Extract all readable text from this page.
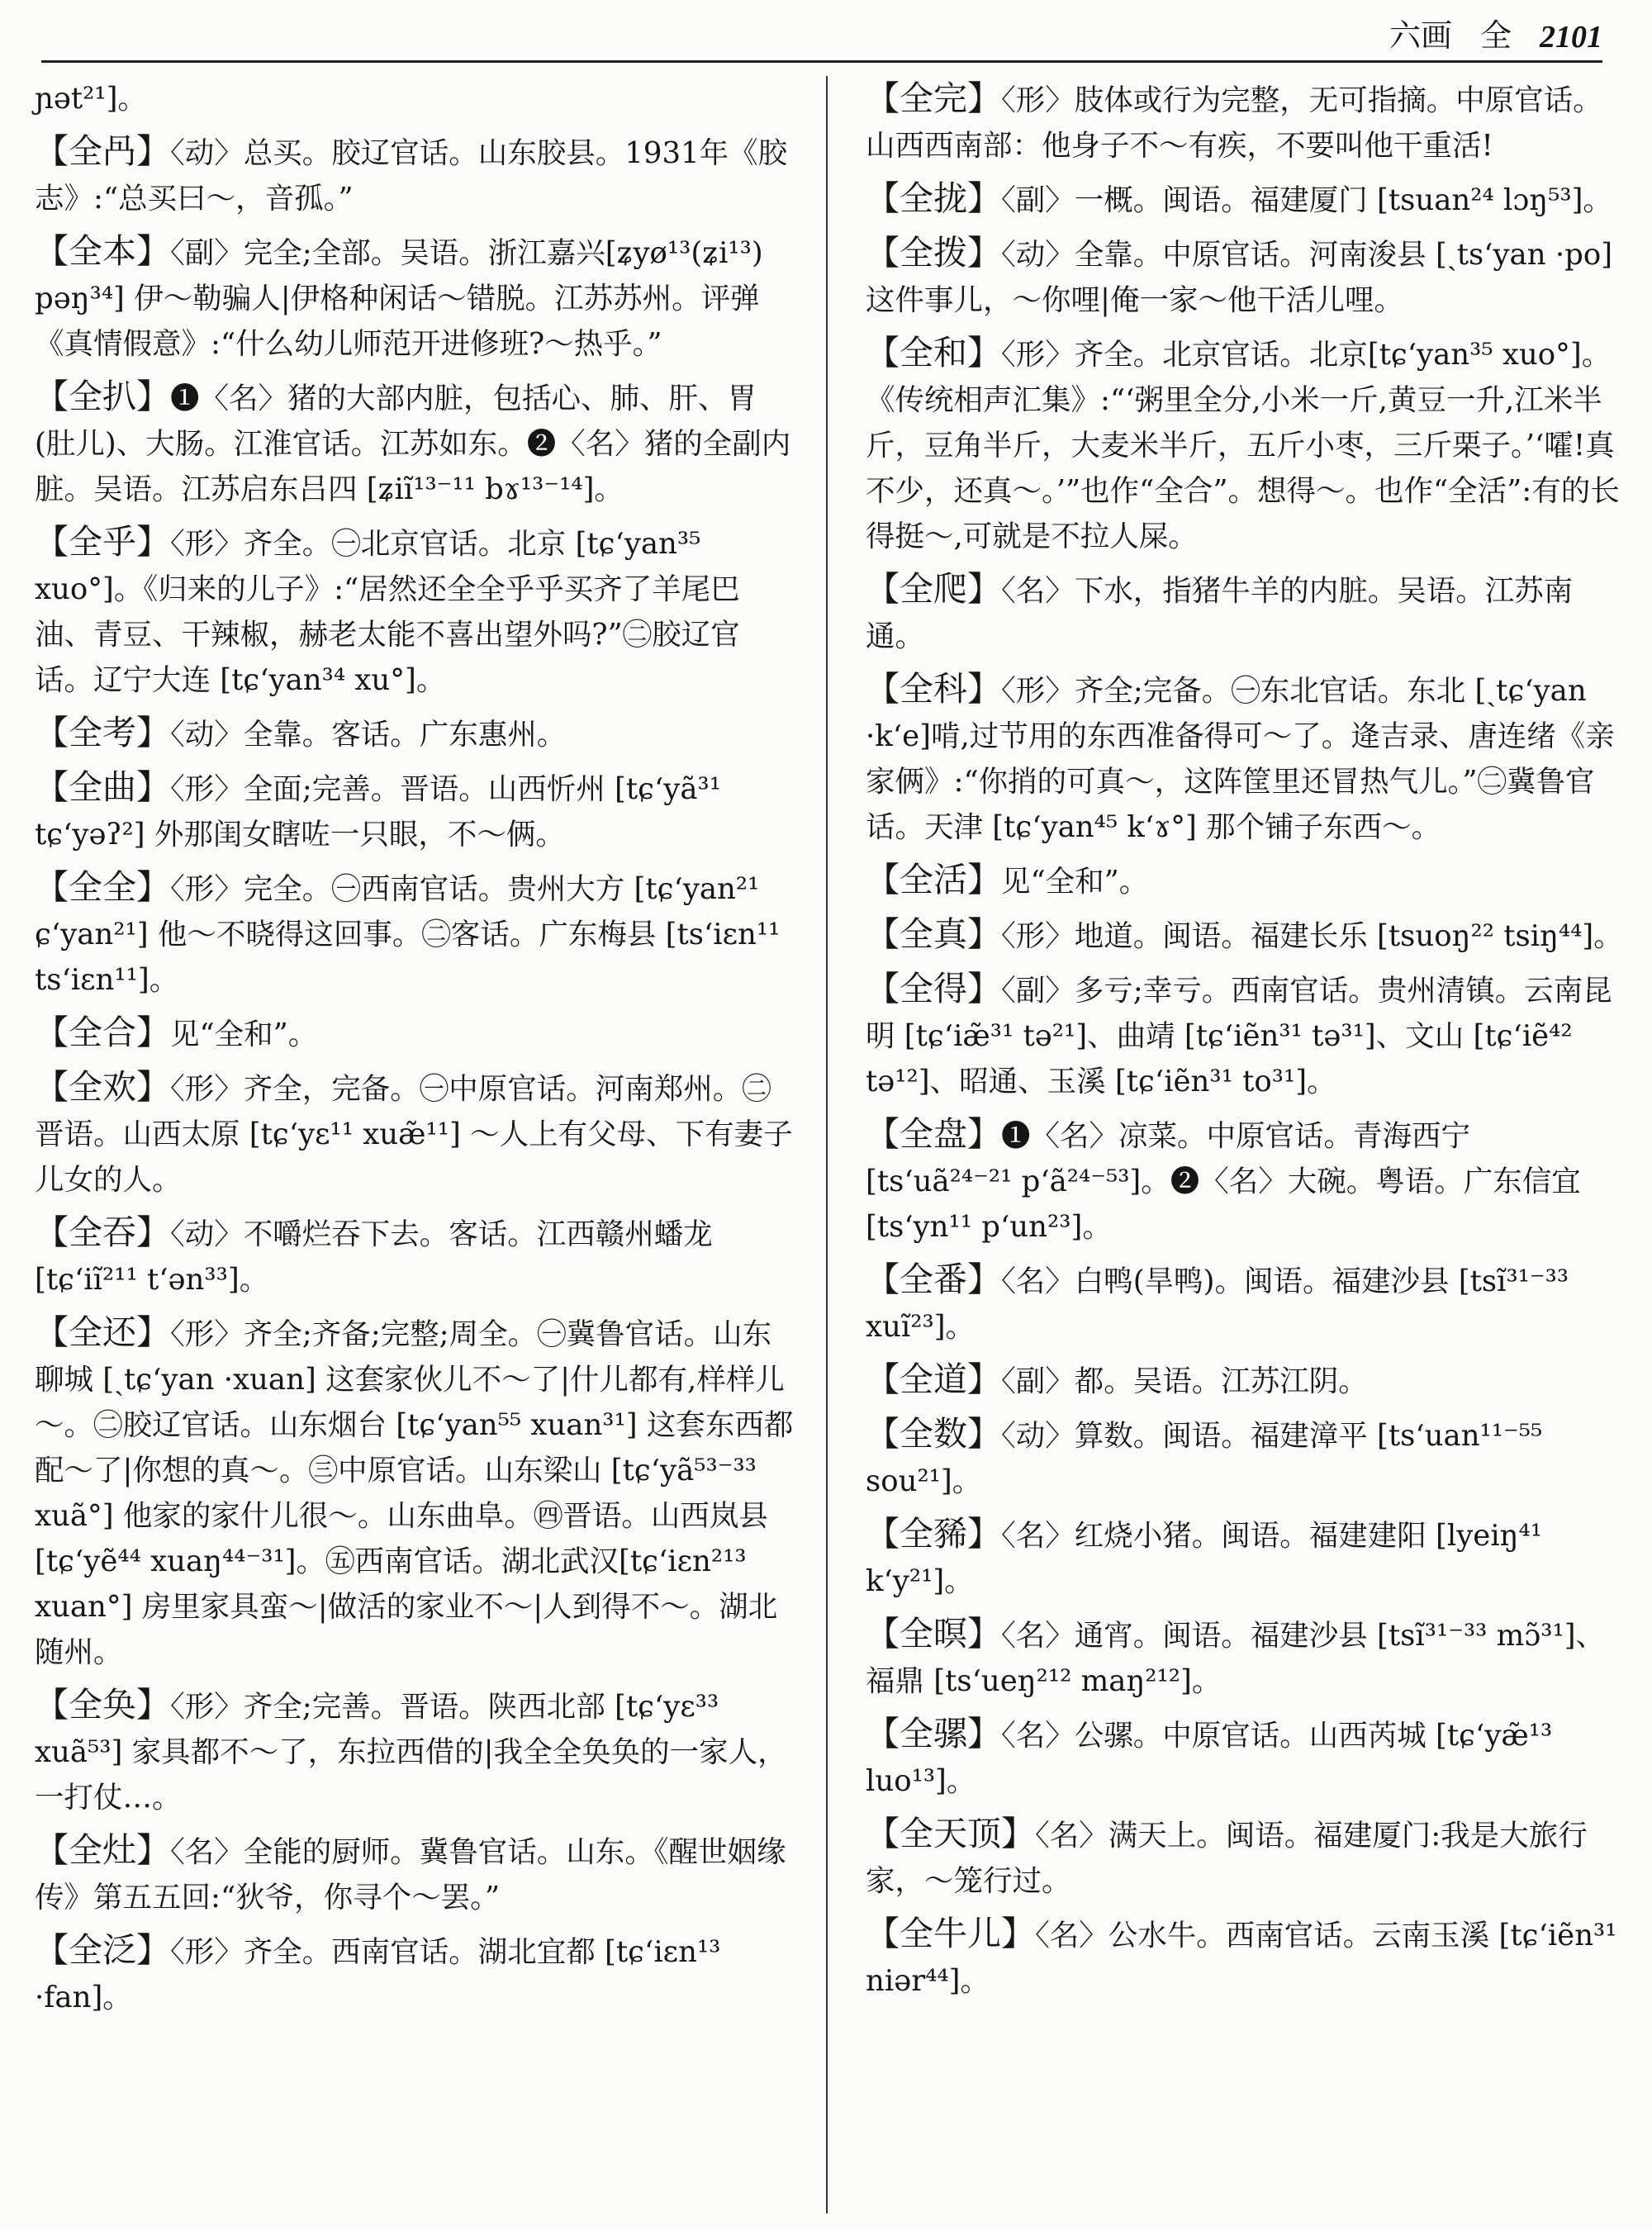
六画 全 2101
ɲət²¹]。
【全冎】〈动〉总买。胶辽官话。山东胶县。1931年《胶志》:“总买曰～，音孤。”
【全本】〈副〉完全;全部。吴语。浙江嘉兴[ʑyø¹³(ʑi¹³) pəŋ³⁴] 伊～勒骗人|伊格种闲话～错脱。江苏苏州。评弹《真情假意》:“什么幼儿师范开进修班?～热乎。”
【全扒】❶〈名〉猪的大部内脏，包括心、肺、肝、胃(肚儿)、大肠。江淮官话。江苏如东。❷〈名〉猪的全副内脏。吴语。江苏启东吕四 [ʑiĩ¹³⁻¹¹ bɤ¹³⁻¹⁴]。
【全乎】〈形〉齐全。㊀北京官话。北京 [tɕʻyan³⁵ xuo°]。《归来的儿子》:“居然还全全乎乎买齐了羊尾巴油、青豆、干辣椒，赫老太能不喜出望外吗?”㊁胶辽官话。辽宁大连 [tɕʻyan³⁴ xu°]。
【全考】〈动〉全靠。客话。广东惠州。
【全曲】〈形〉全面;完善。晋语。山西忻州 [tɕʻyã³¹ tɕʻyəʔ²] 外那闺女瞎咗一只眼，不～俩。
【全全】〈形〉完全。㊀西南官话。贵州大方 [tɕʻyan²¹ ɕʻyan²¹] 他～不晓得这回事。㊁客话。广东梅县 [tsʻiɛn¹¹ tsʻiɛn¹¹]。
【全合】见“全和”。
【全欢】〈形〉齐全，完备。㊀中原官话。河南郑州。㊁晋语。山西太原 [tɕʻyɛ¹¹ xuæ̃¹¹] ～人上有父母、下有妻子儿女的人。
【全吞】〈动〉不嚼烂吞下去。客话。江西赣州蟠龙 [tɕʻiĩ²¹¹ tʻən³³]。
【全还】〈形〉齐全;齐备;完整;周全。㊀冀鲁官话。山东聊城 [ˏtɕʻyan ·xuan] 这套家伙儿不～了|什儿都有,样样儿～。㊁胶辽官话。山东烟台 [tɕʻyan⁵⁵ xuan³¹] 这套东西都配～了|你想的真～。㊂中原官话。山东梁山 [tɕʻyã⁵³⁻³³ xuã°] 他家的家什儿很～。山东曲阜。㊃晋语。山西岚县 [tɕʻyẽ⁴⁴ xuaŋ⁴⁴⁻³¹]。㊄西南官话。湖北武汉[tɕʻiɛn²¹³ xuan°] 房里家具蛮～|做活的家业不～|人到得不～。湖北随州。
【全奂】〈形〉齐全;完善。晋语。陕西北部 [tɕʻyɛ³³ xuã⁵³] 家具都不～了，东拉西借的|我全全奂奂的一家人，一打仗…。
【全灶】〈名〉全能的厨师。冀鲁官话。山东。《醒世姻缘传》第五五回:“狄爷，你寻个～罢。”
【全泛】〈形〉齐全。西南官话。湖北宜都 [tɕʻiɛn¹³ ·fan]。
【全完】〈形〉肢体或行为完整，无可指摘。中原官话。山西西南部：他身子不～有疾，不要叫他干重活!
【全拢】〈副〉一概。闽语。福建厦门 [tsuan²⁴ lɔŋ⁵³]。
【全拨】〈动〉全靠。中原官话。河南浚县 [ˏtsʻyan ·po]这件事儿，～你哩|俺一家～他干活儿哩。
【全和】〈形〉齐全。北京官话。北京[tɕʻyan³⁵ xuo°]。《传统相声汇集》:“‘粥里全分,小米一斤,黄豆一升,江米半斤，豆角半斤，大麦米半斤，五斤小枣，三斤栗子。’‘嚯!真不少，还真～。’”也作“全合”。想得～。也作“全活”:有的长得挺～,可就是不拉人屎。
【全爬】〈名〉下水，指猪牛羊的内脏。吴语。江苏南通。
【全科】〈形〉齐全;完备。㊀东北官话。东北 [ˏtɕʻyan ·kʻe]啃,过节用的东西准备得可～了。逄吉录、唐连绪《亲家俩》:“你捎的可真～，这阵筐里还冒热气儿。”㊁冀鲁官话。天津 [tɕʻyan⁴⁵ kʻɤ°] 那个铺子东西～。
【全活】见“全和”。
【全真】〈形〉地道。闽语。福建长乐 [tsuoŋ²² tsiŋ⁴⁴]。
【全得】〈副〉多亏;幸亏。西南官话。贵州清镇。云南昆明 [tɕʻiæ̃³¹ tə²¹]、曲靖 [tɕʻiẽn³¹ tə³¹]、文山 [tɕʻiẽ⁴² tə¹²]、昭通、玉溪 [tɕʻiẽn³¹ to³¹]。
【全盘】❶〈名〉凉菜。中原官话。青海西宁 [tsʻuã²⁴⁻²¹ pʻã²⁴⁻⁵³]。❷〈名〉大碗。粤语。广东信宜 [tsʻyn¹¹ pʻun²³]。
【全番】〈名〉白鸭(旱鸭)。闽语。福建沙县 [tsĩ³¹⁻³³ xuĩ²³]。
【全道】〈副〉都。吴语。江苏江阴。
【全数】〈动〉算数。闽语。福建漳平 [tsʻuan¹¹⁻⁵⁵ sou²¹]。
【全豨】〈名〉红烧小猪。闽语。福建建阳 [lyeiŋ⁴¹ kʻy²¹]。
【全暝】〈名〉通宵。闽语。福建沙县 [tsĩ³¹⁻³³ mɔ̃³¹]、福鼎 [tsʻueŋ²¹² maŋ²¹²]。
【全骡】〈名〉公骡。中原官话。山西芮城 [tɕʻyæ̃¹³ luo¹³]。
【全天顶】〈名〉满天上。闽语。福建厦门:我是大旅行家，～笼行过。
【全牛儿】〈名〉公水牛。西南官话。云南玉溪 [tɕʻiẽn³¹ niər⁴⁴]。
